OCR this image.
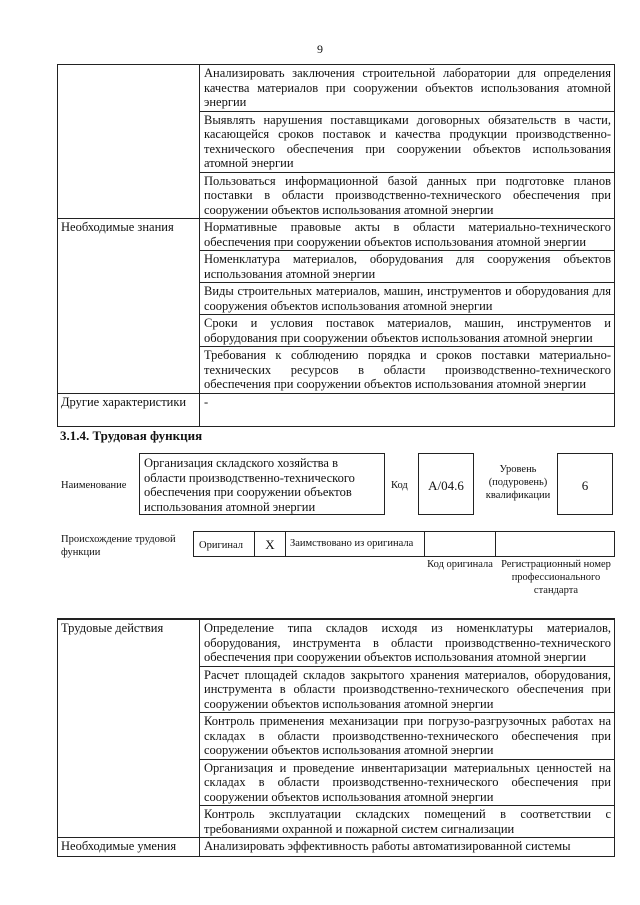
9
	Анализировать заключения строительной лаборатории для определения качества материалов при сооружении объектов использования атомной энергии
	Выявлять нарушения поставщиками договорных обязательств в части, касающейся сроков поставок и качества продукции производственно-технического обеспечения при сооружении объектов использования атомной энергии
	Пользоваться информационной базой данных при подготовке планов поставки в области производственно-технического обеспечения при сооружении объектов использования атомной энергии
Необходимые знания	Нормативные правовые акты в области материально-технического обеспечения при сооружении объектов использования атомной энергии
	Номенклатура материалов, оборудования для сооружения объектов использования атомной энергии
	Виды строительных материалов, машин, инструментов и оборудования для сооружения объектов использования атомной энергии
	Сроки и условия поставок материалов, машин, инструментов и оборудования при сооружении объектов использования атомной энергии
	Требования к соблюдению порядка и сроков поставки материально-технических ресурсов в области производственно-технического обеспечения при сооружении объектов использования атомной энергии
Другие характеристики	-
3.1.4. Трудовая функция
Наименование
Организация складского хозяйства в области производственно-технического обеспечения при сооружении объектов использования атомной энергии
Код	A/04.6
Уровень (подуровень) квалификации
6
Происхождение трудовой функции
Оригинал	X	Заимствовано из оригинала
Код оригинала Регистрационный номер профессионального стандарта
Трудовые действия	Определение типа складов исходя из номенклатуры материалов, оборудования, инструмента в области производственно-технического обеспечения при сооружении объектов использования атомной энергии
	Расчет площадей складов закрытого хранения материалов, оборудования, инструмента в области производственно-технического обеспечения при сооружении объектов использования атомной энергии
	Контроль применения механизации при погрузо-разгрузочных работах на складах в области производственно-технического обеспечения при сооружении объектов использования атомной энергии
	Организация и проведение инвентаризации материальных ценностей на складах в области производственно-технического обеспечения при сооружении объектов использования атомной энергии
	Контроль эксплуатации складских помещений в соответствии с требованиями охранной и пожарной систем сигнализации
Необходимые умения	Анализировать эффективность работы автоматизированной системы
